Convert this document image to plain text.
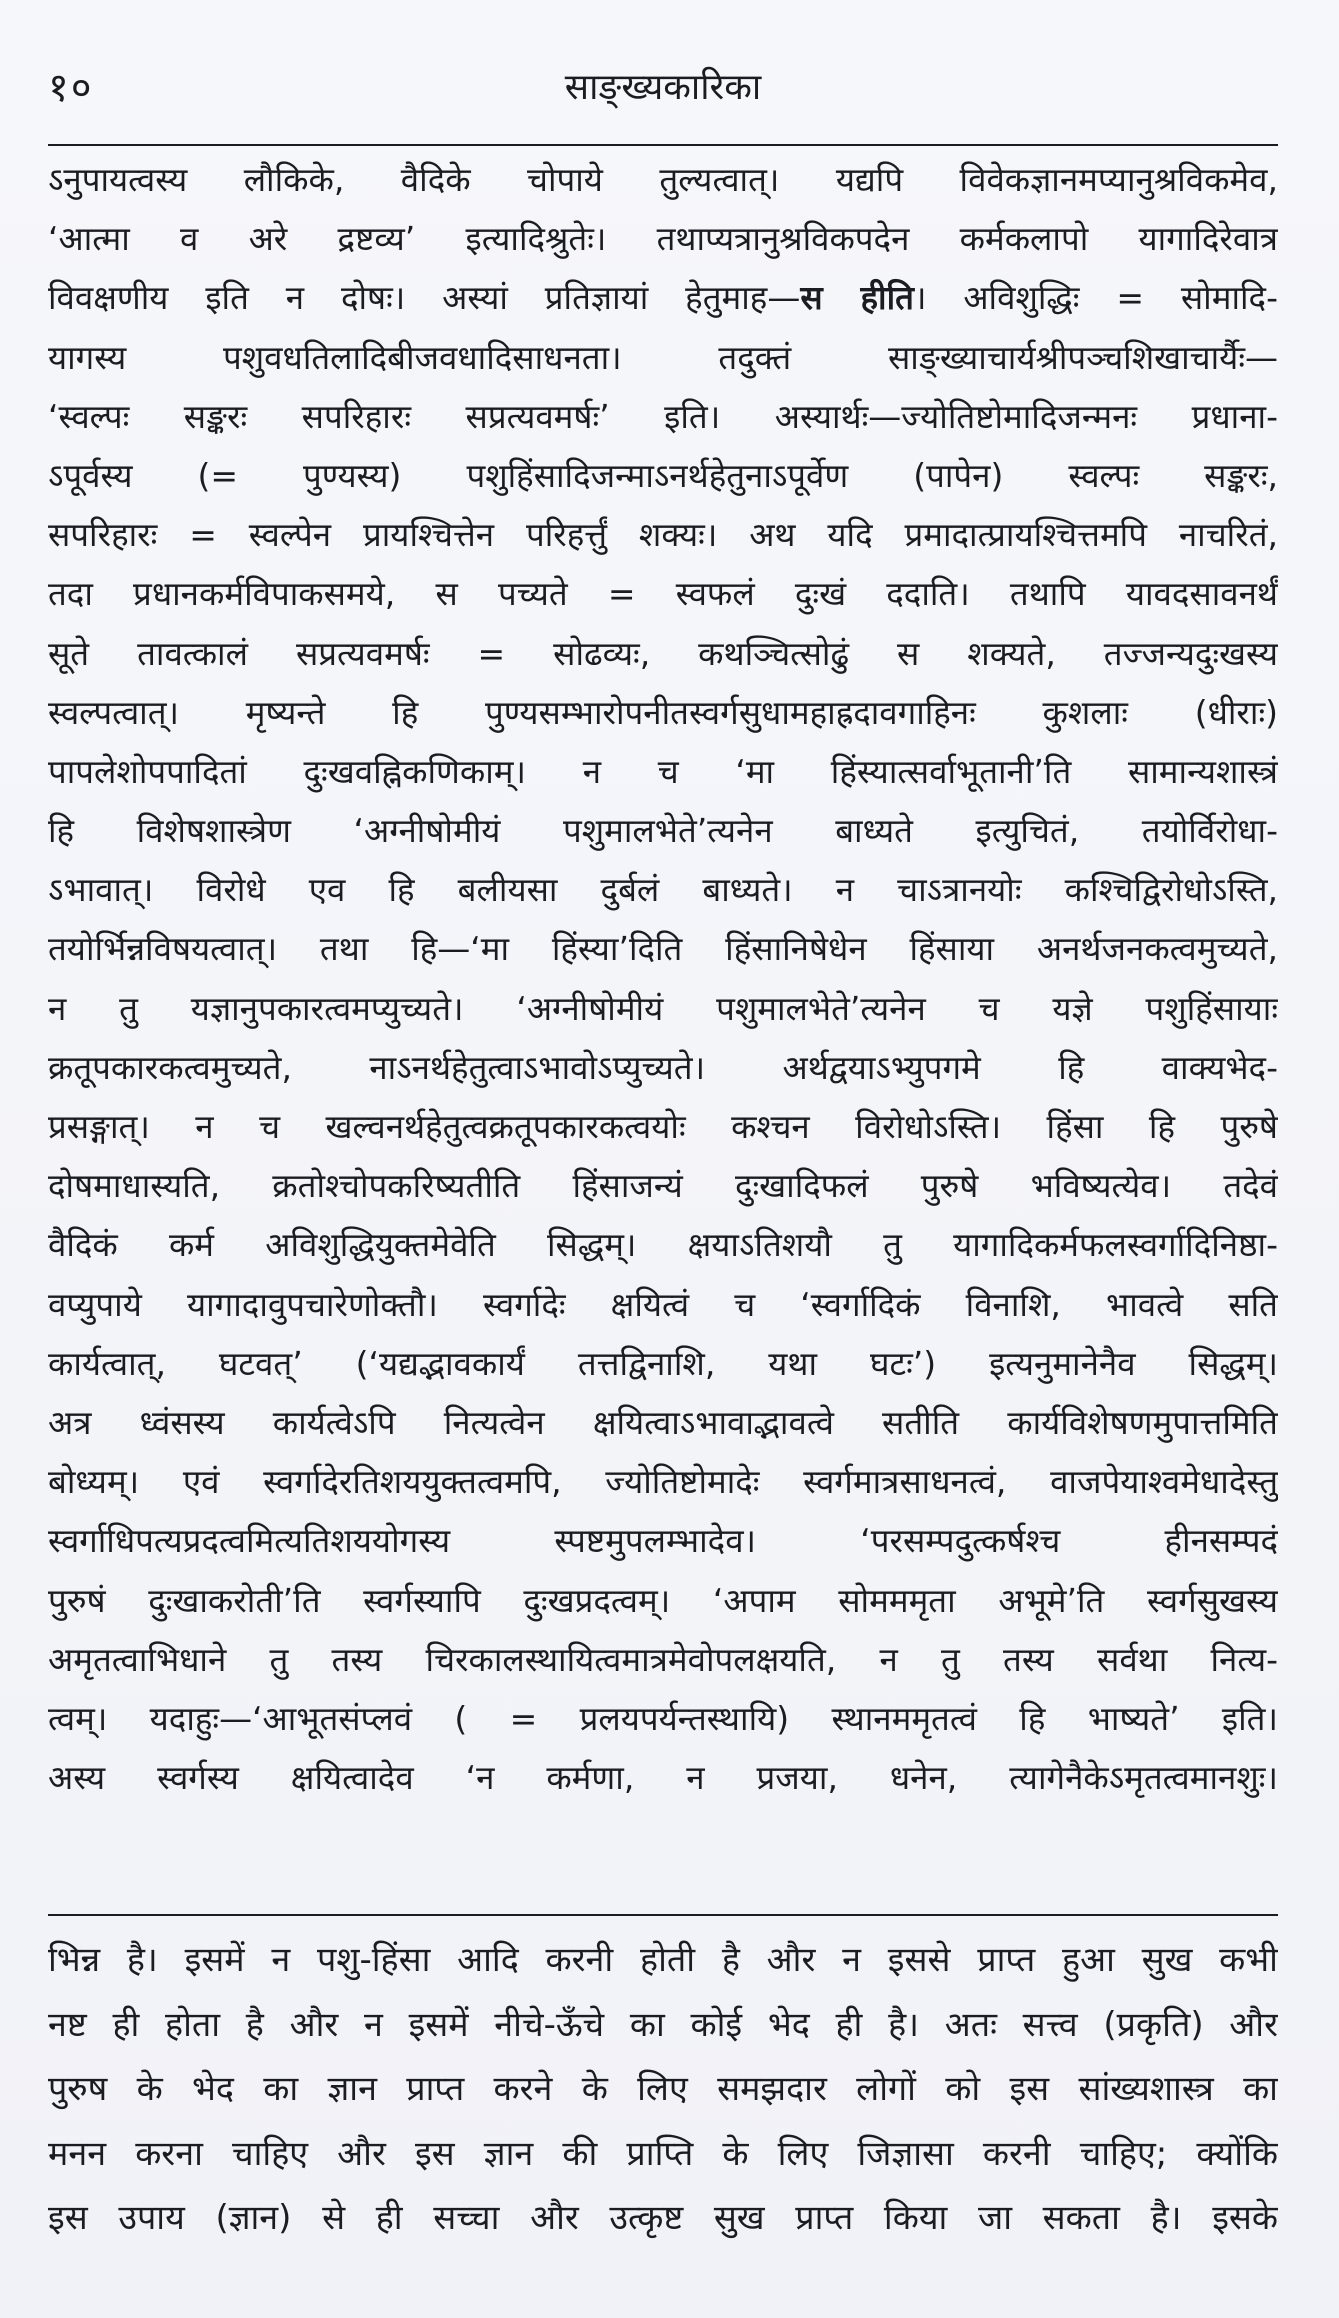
१०	साङ्ख्यकारिका
ऽनुपायत्वस्य लौकिके, वैदिके चोपाये तुल्यत्वात्। यद्यपि विवेकज्ञानमप्यानुश्रविकमेव,
‘आत्मा व अरे द्रष्टव्य’ इत्यादिश्रुतेः। तथाप्यत्रानुश्रविकपदेन कर्मकलापो यागादिरेवात्र
विवक्षणीय इति न दोषः। अस्यां प्रतिज्ञायां हेतुमाह—स हीति। अविशुद्धिः = सोमादि-
यागस्य पशुवधतिलादिबीजवधादिसाधनता। तदुक्तं साङ्ख्याचार्यश्रीपञ्चशिखाचार्यैः—
‘स्वल्पः सङ्करः सपरिहारः सप्रत्यवमर्षः’ इति। अस्यार्थः—ज्योतिष्टोमादिजन्मनः प्रधाना-
ऽपूर्वस्य (= पुण्यस्य) पशुहिंसादिजन्माऽनर्थहेतुनाऽपूर्वेण (पापेन) स्वल्पः सङ्करः,
सपरिहारः = स्वल्पेन प्रायश्चित्तेन परिहर्त्तुं शक्यः। अथ यदि प्रमादात्प्रायश्चित्तमपि नाचरितं,
तदा प्रधानकर्मविपाकसमये, स पच्यते = स्वफलं दुःखं ददाति। तथापि यावदसावनर्थं
सूते तावत्कालं सप्रत्यवमर्षः = सोढव्यः, कथञ्चित्सोढुं स शक्यते, तज्जन्यदुःखस्य
स्वल्पत्वात्। मृष्यन्ते हि पुण्यसम्भारोपनीतस्वर्गसुधामहाह्रदावगाहिनः कुशलाः (धीराः)
पापलेशोपपादितां दुःखवह्निकणिकाम्। न च ‘मा हिंस्यात्सर्वाभूतानी’ति सामान्यशास्त्रं
हि विशेषशास्त्रेण ‘अग्नीषोमीयं पशुमालभेते’त्यनेन बाध्यते इत्युचितं, तयोर्विरोधा-
ऽभावात्। विरोधे एव हि बलीयसा दुर्बलं बाध्यते। न चाऽत्रानयोः कश्चिद्विरोधोऽस्ति,
तयोर्भिन्नविषयत्वात्। तथा हि—‘मा हिंस्या’दिति हिंसानिषेधेन हिंसाया अनर्थजनकत्वमुच्यते,
न तु यज्ञानुपकारत्वमप्युच्यते। ‘अग्नीषोमीयं पशुमालभेते’त्यनेन च यज्ञे पशुहिंसायाः
क्रतूपकारकत्वमुच्यते, नाऽनर्थहेतुत्वाऽभावोऽप्युच्यते। अर्थद्वयाऽभ्युपगमे हि वाक्यभेद-
प्रसङ्गात्। न च खल्वनर्थहेतुत्वक्रतूपकारकत्वयोः कश्चन विरोधोऽस्ति। हिंसा हि पुरुषे
दोषमाधास्यति, क्रतोश्चोपकरिष्यतीति हिंसाजन्यं दुःखादिफलं पुरुषे भविष्यत्येव। तदेवं
वैदिकं कर्म अविशुद्धियुक्तमेवेति सिद्धम्। क्षयाऽतिशयौ तु यागादिकर्मफलस्वर्गादिनिष्ठा-
वप्युपाये यागादावुपचारेणोक्तौ। स्वर्गादेः क्षयित्वं च ‘स्वर्गादिकं विनाशि, भावत्वे सति
कार्यत्वात्, घटवत्’ (‘यद्यद्भावकार्यं तत्तद्विनाशि, यथा घटः’) इत्यनुमानेनैव सिद्धम्।
अत्र ध्वंसस्य कार्यत्वेऽपि नित्यत्वेन क्षयित्वाऽभावाद्भावत्वे सतीति कार्यविशेषणमुपात्तमिति
बोध्यम्। एवं स्वर्गादेरतिशययुक्तत्वमपि, ज्योतिष्टोमादेः स्वर्गमात्रसाधनत्वं, वाजपेयाश्वमेधादेस्तु
स्वर्गाधिपत्यप्रदत्वमित्यतिशययोगस्य स्पष्टमुपलम्भादेव। ‘परसम्पदुत्कर्षश्च हीनसम्पदं
पुरुषं दुःखाकरोती’ति स्वर्गस्यापि दुःखप्रदत्वम्। ‘अपाम सोमममृता अभूमे’ति स्वर्गसुखस्य
अमृतत्वाभिधाने तु तस्य चिरकालस्थायित्वमात्रमेवोपलक्षयति, न तु तस्य सर्वथा नित्य-
त्वम्। यदाहुः—‘आभूतसंप्लवं ( = प्रलयपर्यन्तस्थायि) स्थानममृतत्वं हि भाष्यते’ इति।
अस्य स्वर्गस्य क्षयित्वादेव ‘न कर्मणा, न प्रजया, धनेन, त्यागेनैकेऽमृतत्वमानशुः।
भिन्न है। इसमें न पशु-हिंसा आदि करनी होती है और न इससे प्राप्त हुआ सुख कभी
नष्ट ही होता है और न इसमें नीचे-ऊँचे का कोई भेद ही है। अतः सत्त्व (प्रकृति) और
पुरुष के भेद का ज्ञान प्राप्त करने के लिए समझदार लोगों को इस सांख्यशास्त्र का
मनन करना चाहिए और इस ज्ञान की प्राप्ति के लिए जिज्ञासा करनी चाहिए; क्योंकि
इस उपाय (ज्ञान) से ही सच्चा और उत्कृष्ट सुख प्राप्त किया जा सकता है। इसके
